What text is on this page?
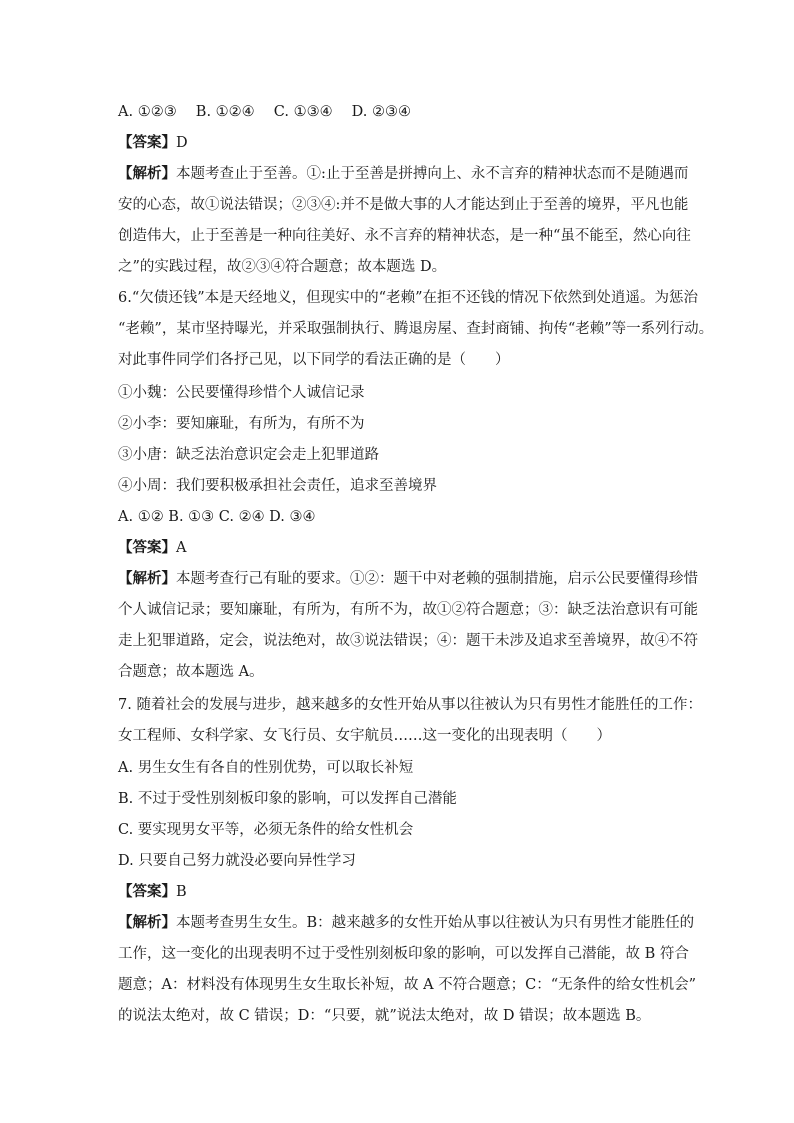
A. ①②③　 B. ①②④　 C. ①③④　 D. ②③④
【答案】D
【解析】本题考查止于至善。①:止于至善是拼搏向上、永不言弃的精神状态而不是随遇而
安的心态，故①说法错误；②③④:并不是做大事的人才能达到止于至善的境界，平凡也能
创造伟大，止于至善是一种向往美好、永不言弃的精神状态，是一种“虽不能至，然心向往
之”的实践过程，故②③④符合题意；故本题选 D。
6.“欠债还钱”本是天经地义，但现实中的“老赖”在拒不还钱的情况下依然到处逍遥。为惩治
“老赖”，某市坚持曝光，并采取强制执行、腾退房屋、查封商铺、拘传“老赖”等一系列行动。
对此事件同学们各抒己见，以下同学的看法正确的是（　　）
①小魏：公民要懂得珍惜个人诚信记录
②小李：要知廉耻，有所为，有所不为
③小唐：缺乏法治意识定会走上犯罪道路
④小周：我们要积极承担社会责任，追求至善境界
A. ①② B. ①③ C. ②④ D. ③④
【答案】A
【解析】本题考查行己有耻的要求。①②：题干中对老赖的强制措施，启示公民要懂得珍惜
个人诚信记录；要知廉耻，有所为，有所不为，故①②符合题意；③：缺乏法治意识有可能
走上犯罪道路，定会，说法绝对，故③说法错误；④：题干未涉及追求至善境界，故④不符
合题意；故本题选 A。
7. 随着社会的发展与进步，越来越多的女性开始从事以往被认为只有男性才能胜任的工作：
女工程师、女科学家、女飞行员、女宇航员……这一变化的出现表明（　　）
A. 男生女生有各自的性别优势，可以取长补短
B. 不过于受性别刻板印象的影响，可以发挥自己潜能
C. 要实现男女平等，必须无条件的给女性机会
D. 只要自己努力就没必要向异性学习
【答案】B
【解析】本题考查男生女生。B：越来越多的女性开始从事以往被认为只有男性才能胜任的
工作，这一变化的出现表明不过于受性别刻板印象的影响，可以发挥自己潜能，故 B 符合
题意；A：材料没有体现男生女生取长补短，故 A 不符合题意；C：“无条件的给女性机会”
的说法太绝对，故 C 错误；D：“只要，就”说法太绝对，故 D 错误；故本题选 B。
